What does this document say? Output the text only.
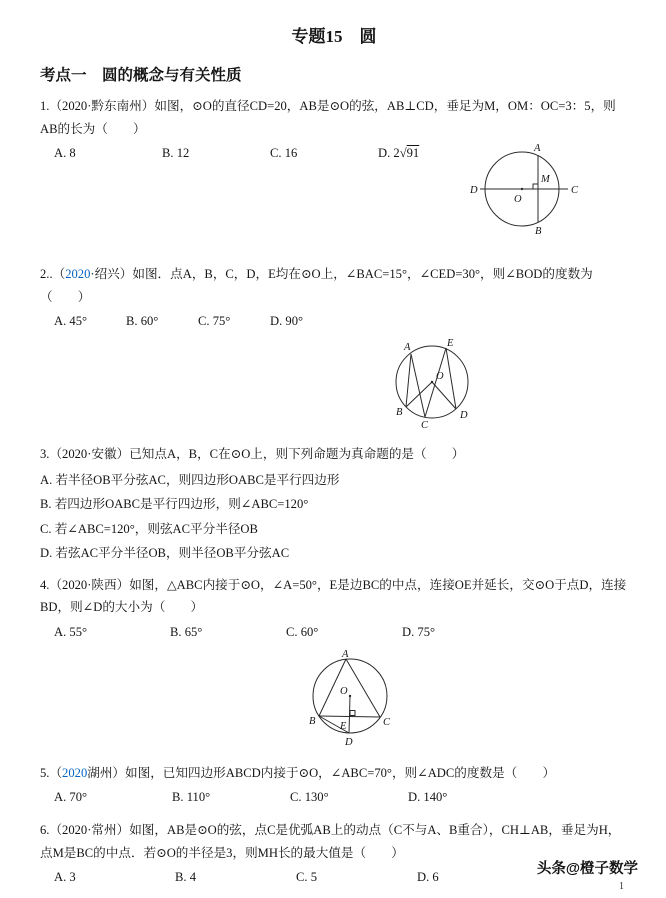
专题15　圆
考点一　圆的概念与有关性质
1.（2020·黔东南州）如图，⊙O的直径CD=20，AB是⊙O的弦，AB⊥CD，垂足为M，OM：OC=3：5，则AB的长为（　　）
A. 8	B. 12	C. 16	D. 2√91	A
B
D	C
M
O
2..（2020·绍兴）如图．点A，B，C，D，E均在⊙O上，∠BAC=15°，∠CED=30°，则∠BOD的度数为（　　）
A. 45°	B. 60°	C. 75°	D. 90°
A	E
O
B
C
D
3.（2020·安徽）已知点A，B，C在⊙O上，则下列命题为真命题的是（　　）
A. 若半径OB平分弦AC，则四边形OABC是平行四边形
B. 若四边形OABC是平行四边形，则∠ABC=120°
C. 若∠ABC=120°，则弦AC平分半径OB
D. 若弦AC平分半径OB，则半径OB平分弦AC
4.（2020·陕西）如图，△ABC内接于⊙O，∠A=50°，E是边BC的中点，连接OE并延长，交⊙O于点D，连接BD，则∠D的大小为（　　）
A. 55°	B. 65°	C. 60°	D. 75°
A
O
B E	C
D
5.（2020湖州）如图，已知四边形ABCD内接于⊙O，∠ABC=70°，则∠ADC的度数是（　　）
A. 70°	B. 110°	C. 130°	D. 140°
6.（2020·常州）如图，AB是⊙O的弦，点C是优弧AB上的动点（C不与A、B重合），CH⊥AB，垂足为H，点M是BC的中点．若⊙O的半径是3，则MH长的最大值是（　　）
A. 3	B. 4	C. 5	D. 6
头条@橙子数学
1
